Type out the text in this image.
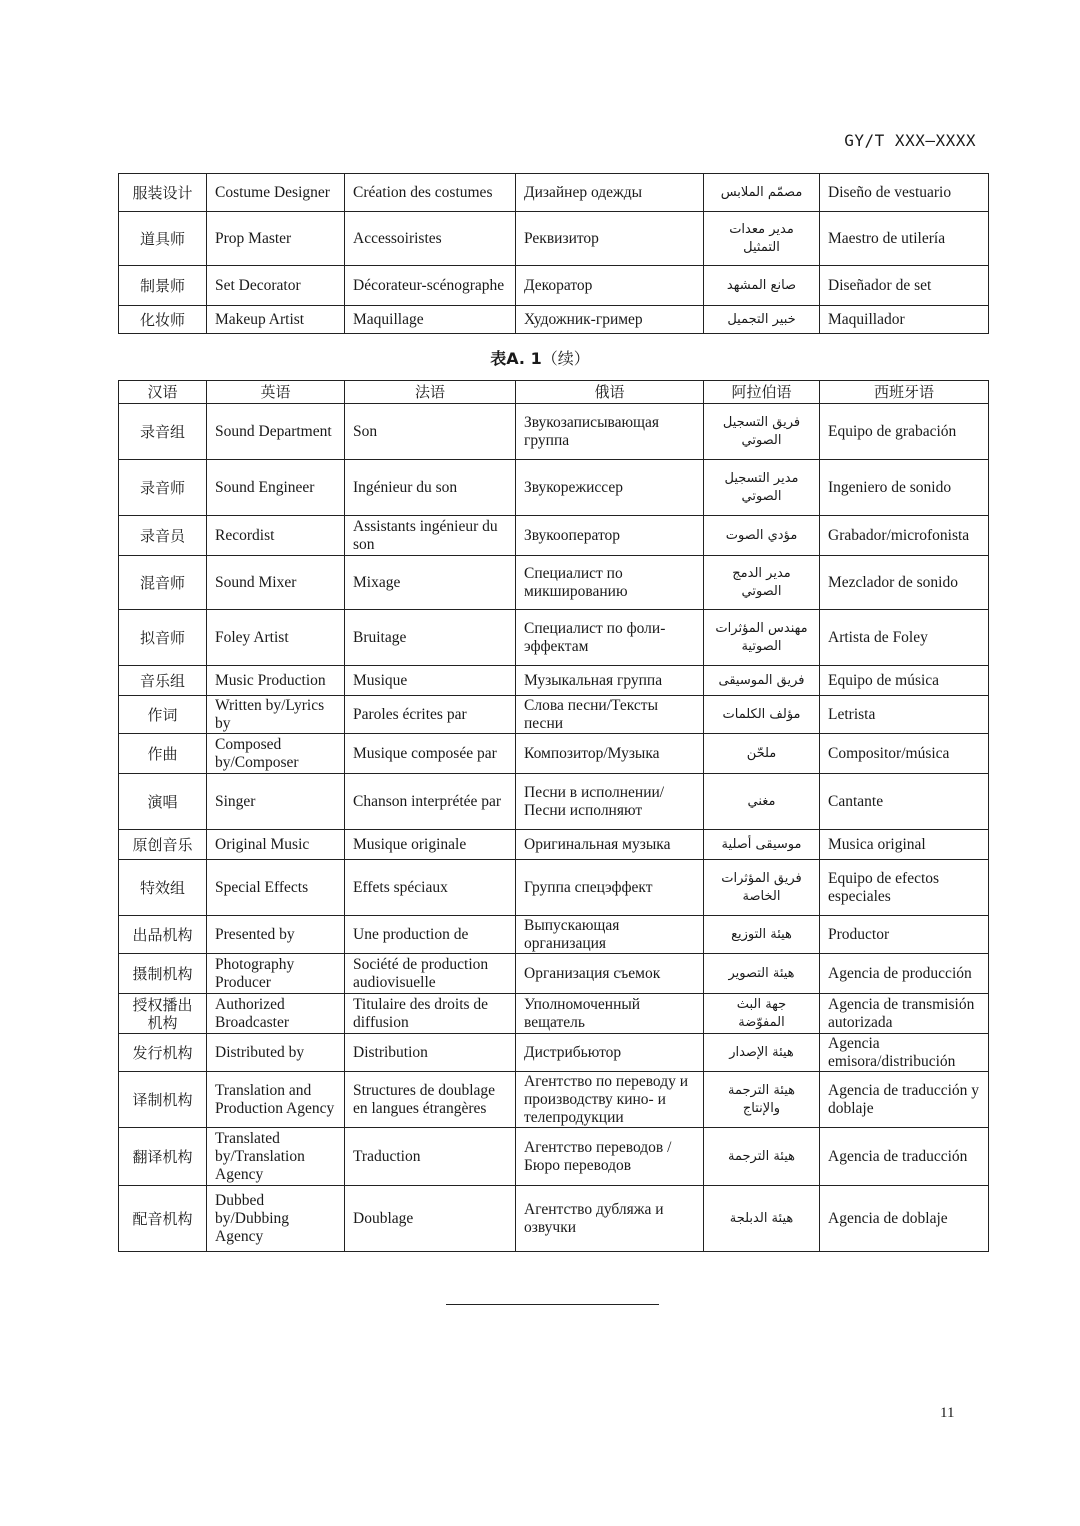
GY/T XXX—XXXX
服装设计	Costume Designer	Création des costumes	Дизайнер одежды	مصمّم الملابس	Diseño de vestuario
道具师	Prop Master	Accessoiristes	Реквизитор	مدير معدات التمثيل	Maestro de utilería
制景师	Set Decorator	Décorateur-scénographe	Декоратор	صانع المشهد	Diseñador de set
化妆师	Makeup Artist	Maquillage	Художник-гример	خبير التجميل	Maquillador
表A. 1（续）
汉语	英语	法语	俄语	阿拉伯语	西班牙语
录音组	Sound Department	Son	Звукозаписывающая группа	فريق التسجيل الصوتي	Equipo de grabación
录音师	Sound Engineer	Ingénieur du son	Звукорежиссер	مدير التسجيل الصوتي	Ingeniero de sonido
录音员	Recordist	Assistants ingénieur du son	Звукооператор	مؤدي الصوت	Grabador/microfonista
混音师	Sound Mixer	Mixage	Специалист по микшированию	مدير الدمج الصوتي	Mezclador de sonido
拟音师	Foley Artist	Bruitage	Специалист по фоли-эффектам	مهندس المؤثرات الصوتية	Artista de Foley
音乐组	Music Production	Musique	Музыкальная группа	فريق الموسيقى	Equipo de música
作词	Written by/Lyrics by	Paroles écrites par	Слова песни/Тексты песни	مؤلف الكلمات	Letrista
作曲	Composed by/Composer	Musique composée par	Композитор/Музыка	ملحّن	Compositor/música
演唱	Singer	Chanson interprétée par	Песни в исполнении/Песни исполняют	مغني	Cantante
原创音乐	Original Music	Musique originale	Оригинальная музыка	موسيقى أصلية	Musica original
特效组	Special Effects	Effets spéciaux	Группа спецэффект	فريق المؤثرات الخاصة	Equipo de efectos especiales
出品机构	Presented by	Une production de	Выпускающая организация	هيئة التوزيع	Productor
摄制机构	Photography Producer	Société de production audiovisuelle	Организация съемок	هيئة التصوير	Agencia de producción
授权播出机构	Authorized Broadcaster	Titulaire des droits de diffusion	Уполномоченный вещатель	جهة البث المفوّضة	Agencia de transmisión autorizada
发行机构	Distributed by	Distribution	Дистрибьютор	هيئة الإصدار	Agencia emisora/distribución
译制机构	Translation and Production Agency	Structures de doublage en langues étrangères	Агентство по переводу и производству кино- и телепродукции	هيئة الترجمة والإنتاج	Agencia de traducción y doblaje
翻译机构	Translated by/Translation Agency	Traduction	Агентство переводов /Бюро переводов	هيئة الترجمة	Agencia de traducción
配音机构	Dubbed by/Dubbing Agency	Doublage	Агентство дубляжа и озвучки	هيئة الدبلجة	Agencia de doblaje
11
